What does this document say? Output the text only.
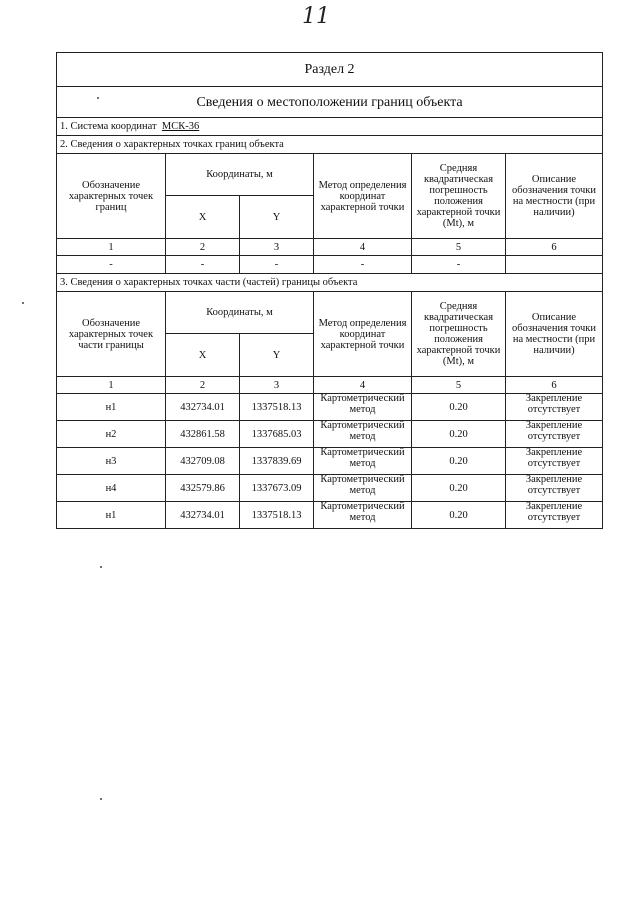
11
Раздел 2					
Сведения о местоположении границ объекта					
1. Система координат МСК-36					
2. Сведения о характерных точках границ объекта					
Обозначение характерных точек границ	Координаты, м		Метод определения координат характерной точки	Средняя квадратическая погрешность положения характерной точки (Mt), м	Описание обозначения точки на местности (при наличии)
	X	Y			
1	2	3	4	5	6
-	-	-	-	-	
3. Сведения о характерных точках части (частей) границы объекта					
Обозначение характерных точек части границы	Координаты, м		Метод определения координат характерной точки	Средняя квадратическая погрешность положения характерной точки (Mt), м	Описание обозначения точки на местности (при наличии)
	X	Y			
1	2	3	4	5	6
н1	432734.01	1337518.13	Картометрический метод	0.20	Закрепление отсутствует
н2	432861.58	1337685.03	Картометрический метод	0.20	Закрепление отсутствует
н3	432709.08	1337839.69	Картометрический метод	0.20	Закрепление отсутствует
н4	432579.86	1337673.09	Картометрический метод	0.20	Закрепление отсутствует
н1	432734.01	1337518.13	Картометрический метод	0.20	Закрепление отсутствует
